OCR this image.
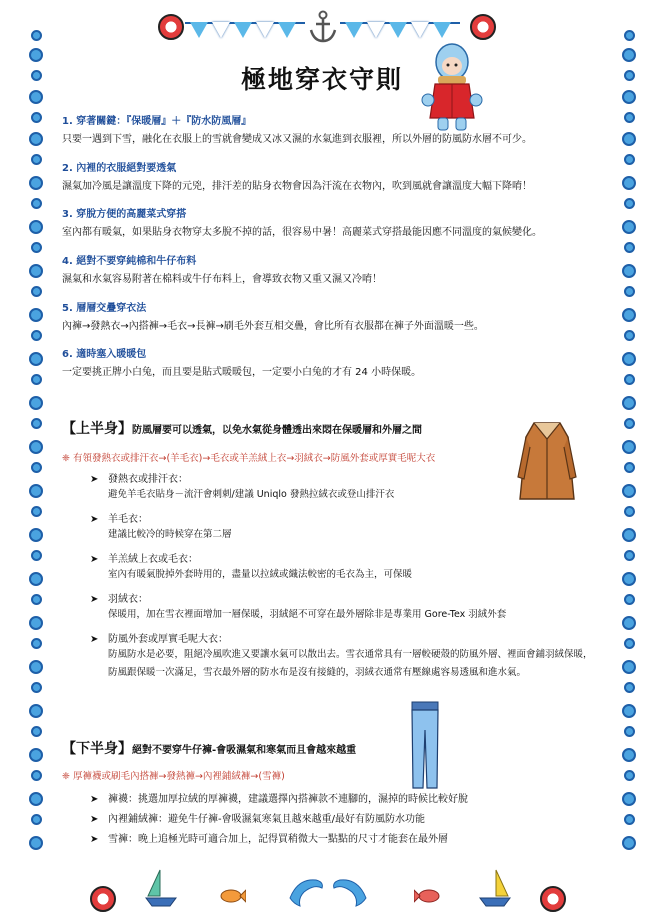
極地穿衣守則
1. 穿著關鍵：『保暖層』＋『防水防風層』
只要一遇到下雪，融化在衣服上的雪就會變成又冰又濕的水氣進到衣服裡，所以外層的防風防水層不可少。
2. 內裡的衣服絕對要透氣
濕氣加冷風是讓溫度下降的元兇，排汗差的貼身衣物會因為汗流在衣物內，吹到風就會讓溫度大幅下降唷！
3. 穿脫方便的高麗菜式穿搭
室內都有暖氣，如果貼身衣物穿太多脫不掉的話，很容易中暑！高麗菜式穿搭最能因應不同溫度的氣候變化。
4. 絕對不要穿純棉和牛仔布料
濕氣和水氣容易附著在棉料或牛仔布料上，會導致衣物又重又濕又冷唷！
5. 層層交疊穿衣法
內褲→發熱衣→內搭褲→毛衣→長褲→刷毛外套互相交疊，會比所有衣服都在褲子外面溫暖一些。
6. 適時塞入暖暖包
一定要挑正牌小白兔，而且要是貼式暖暖包，一定要小白兔的才有 24 小時保暖。
【上半身】防風層要可以透氣，以免水氣從身體透出來悶在保暖層和外層之間
❈ 有領發熱衣或排汗衣→(羊毛衣)→毛衣或羊羔絨上衣→羽絨衣→防風外套或厚實毛呢大衣
➤ 發熱衣或排汗衣：
避免羊毛衣貼身－流汗會刺刺/建議 Uniqlo 發熱拉絨衣或登山排汗衣
➤ 羊毛衣：
建議比較冷的時候穿在第二層
➤ 羊羔絨上衣或毛衣：
室內有暖氣脫掉外套時用的，盡量以拉絨或織法較密的毛衣為主，可保暖
➤ 羽絨衣：
保暖用，加在雪衣裡面增加一層保暖，羽絨絕不可穿在最外層除非是專業用 Gore-Tex 羽絨外套
➤ 防風外套或厚實毛呢大衣：
防風防水是必要，阻絕冷風吹進又要讓水氣可以散出去。雪衣通常具有一層較硬殼的防風外層、裡面會鋪羽絨保暖，防風跟保暖一次滿足，雪衣最外層的防水布是沒有接縫的，羽絨衣通常有壓線處容易透風和進水氣。
【下半身】絕對不要穿牛仔褲-會吸濕氣和寒氣而且會越來越重
❈ 厚褲襪或刷毛內搭褲→發熱褲→內裡鋪絨褲→(雪褲)
➤ 褲襪：挑選加厚拉絨的厚褲襪，建議選擇內搭褲款不連腳的，濕掉的時候比較好脫
➤ 內裡鋪絨褲：避免牛仔褲-會吸濕氣寒氣且越來越重/最好有防風防水功能
➤ 雪褲：晚上追極光時可適合加上，記得買稍微大一點點的尺寸才能套在最外層
